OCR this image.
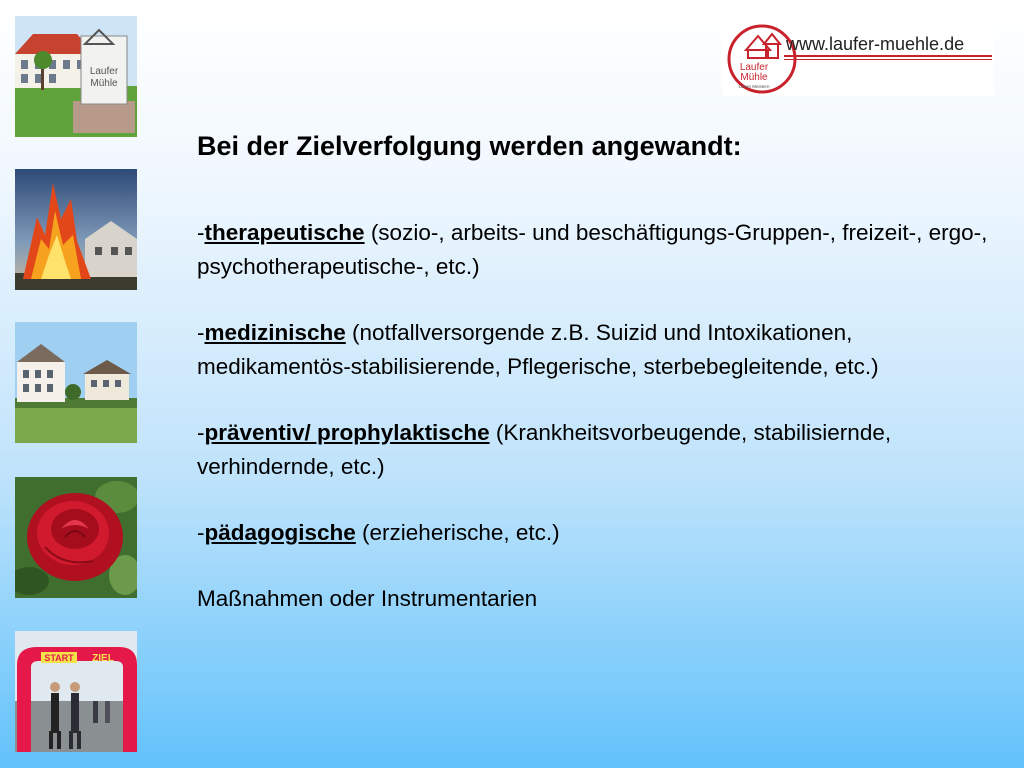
Laufer
Mühle
START ZIEL
Laufer
Mühle
Leben Meistern
www.laufer-muehle.de
Bei der Zielverfolgung werden angewandt:

-therapeutische (sozio-, arbeits- und beschäftigungs-Gruppen-, freizeit-, ergo-, psychotherapeutische-, etc.)

-medizinische (notfallversorgende z.B. Suizid und Intoxikationen, medikamentös-stabilisierende, Pflegerische, sterbebegleitende, etc.)

-präventiv/ prophylaktische (Krankheitsvorbeugende, stabilisiernde, verhindernde, etc.)

-pädagogische (erzieherische, etc.)

Maßnahmen oder Instrumentarien
